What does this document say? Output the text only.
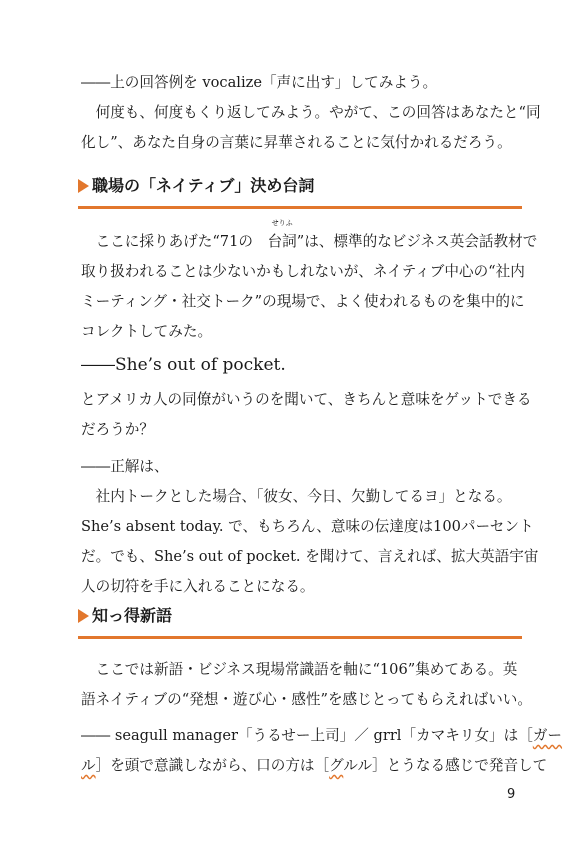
――上の回答例を vocalize「声に出す」してみよう。

何度も、何度もくり返してみよう。やがて、この回答はあなたと“同

化し”、あなた自身の言葉に昇華されることに気付かれるだろう。

職場の「ネイティブ」決め台詞

ここに採りあげた“71の
せりふ
台詞”は、標準的なビジネス英会話教材で

取り扱われることは少ないかもしれないが、ネイティブ中心の“社内

ミーティング・社交トーク”の現場で、よく使われるものを集中的に

コレクトしてみた。

――She’s out of pocket.

とアメリカ人の同僚がいうのを聞いて、きちんと意味をゲットできる

だろうか？

――正解は、

社内トークとした場合、「彼女、今日、欠勤してるヨ」となる。

She’s absent today. で、もちろん、意味の伝達度は100パーセント

だ。でも、She’s out of pocket. を聞けて、言えれば、拡大英語宇宙

人の切符を手に入れることになる。

知っ得新語

ここでは新語・ビジネス現場常識語を軸に“106”集めてある。英

語ネイティブの“発想・遊び心・感性”を感じとってもらえればいい。

―― seagull manager「うるせー上司」／ grrl「カマキリ女」は［ガー

ル］を頭で意識しながら、口の方は［グルル］とうなる感じで発音して

9
